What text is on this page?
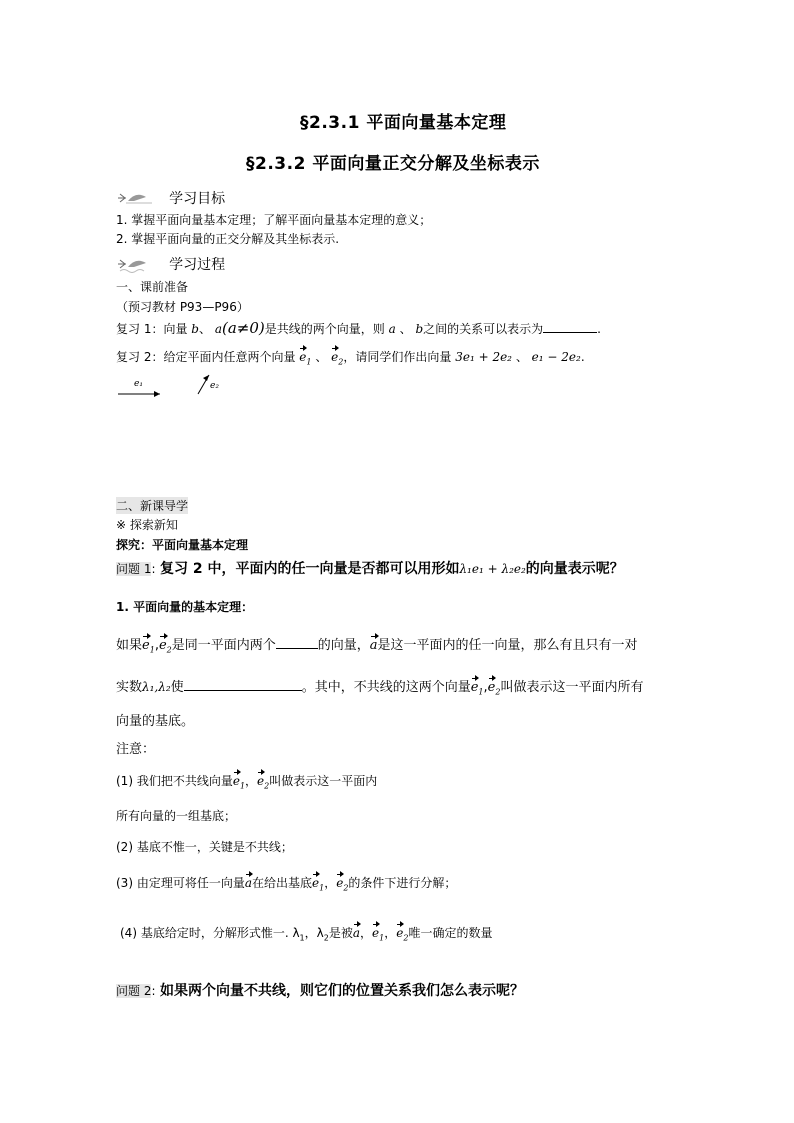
§2.3.1 平面向量基本定理
§2.3.2 平面向量正交分解及坐标表示
学习目标
1. 掌握平面向量基本定理；了解平面向量基本定理的意义；
2. 掌握平面向量的正交分解及其坐标表示.
学习过程
一、课前准备
（预习教材 P93—P96）
复习 1：向量 b、 a(a≠0)是共线的两个向量，则 a 、 b之间的关系可以表示为	.
复习 2：给定平面内任意两个向量 $e_1$ 、 $e_2$，请同学们作出向量 3e₁ + 2e₂ 、 e₁ − 2e₂.
e₁	e₂
二、新课导学
※ 探索新知
探究：平面向量基本定理
问题 1: 复习 2 中，平面内的任一向量是否都可以用形如λ₁e₁ + λ₂e₂的向量表示呢？
1. 平面向量的基本定理：
如果$e_1,e_2$是同一平面内两个	的向量，a是这一平面内的任一向量，那么有且只有一对
实数λ₁,λ₂使	。其中，不共线的这两个向量$e_1,e_2$叫做表示这一平面内所有
向量的基底。
注意：
(1) 我们把不共线向量$e_1$，$e_2$叫做表示这一平面内
所有向量的一组基底；
(2) 基底不惟一，关键是不共线；
(3) 由定理可将任一向量a在给出基底$e_1$，$e_2$的条件下进行分解；
(4) 基底给定时，分解形式惟一. $\lambda_1$，$\lambda_2$是被a，$e_1$，$e_2$唯一确定的数量
问题 2: 如果两个向量不共线，则它们的位置关系我们怎么表示呢？
